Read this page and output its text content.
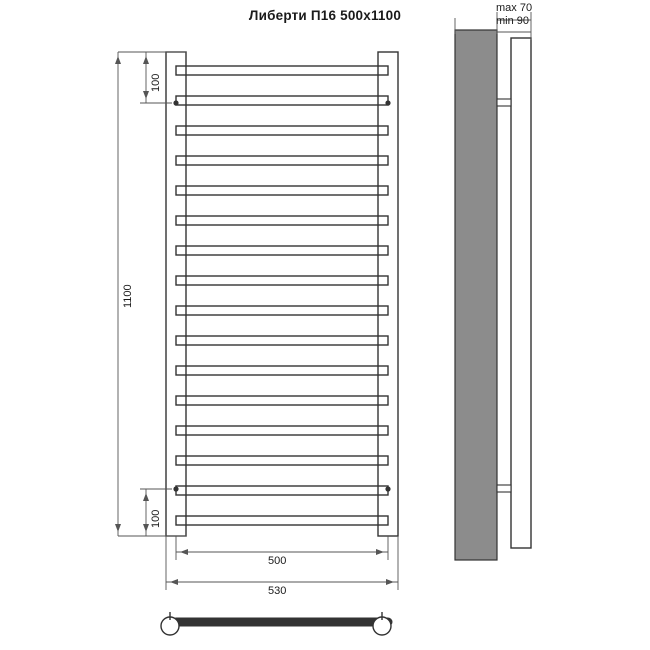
Либерти П16 500x1100
100
100
1100
500
530
max 70
min 90
